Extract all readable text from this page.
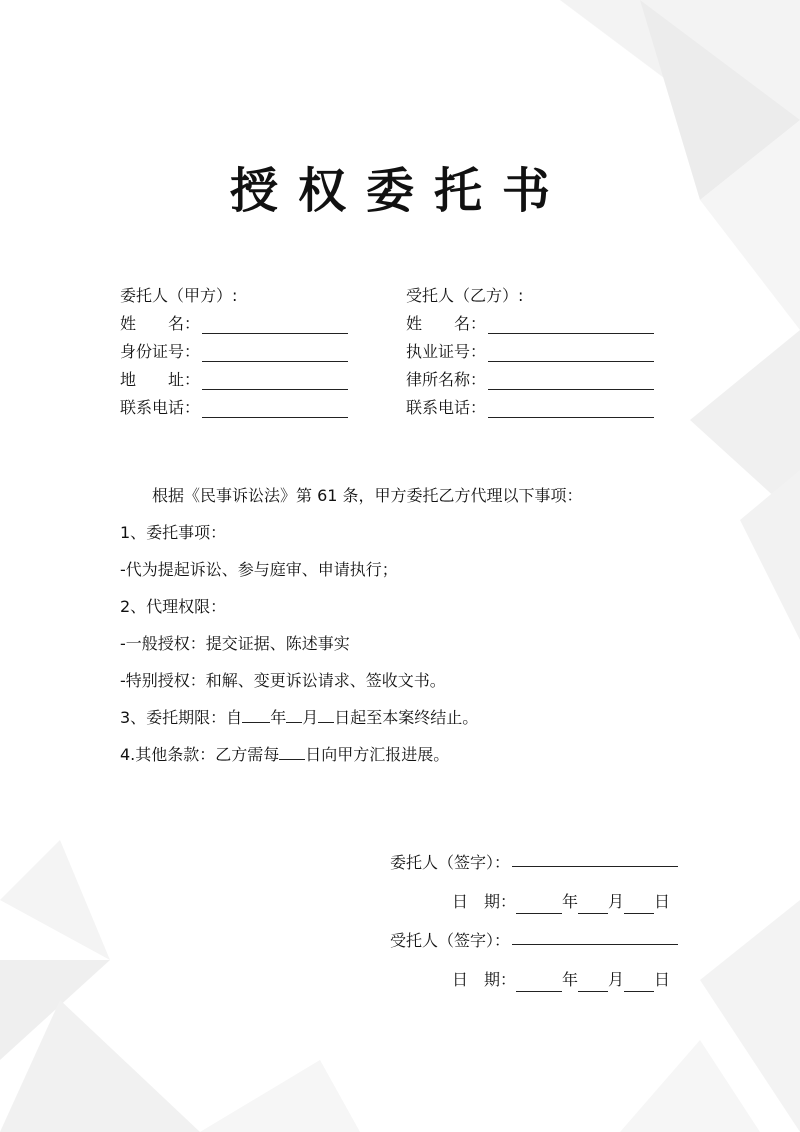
授权委托书
委托人（甲方）:
姓　　名：
身份证号：
地　　址：
联系电话：
受托人（乙方）:
姓　　名：
执业证号：
律所名称：
联系电话：
根据《民事诉讼法》第 61 条，甲方委托乙方代理以下事项：
1、委托事项：
-代为提起诉讼、参与庭审、申请执行；
2、代理权限：
-一般授权：提交证据、陈述事实
-特别授权：和解、变更诉讼请求、签收文书。
3、委托期限：自 年 月 日起至本案终结止。
4.其他条款：乙方需每 日向甲方汇报进展。
委托人（签字）：
日　期：	年 月 日
受托人（签字）：
日　期：	年 月 日
